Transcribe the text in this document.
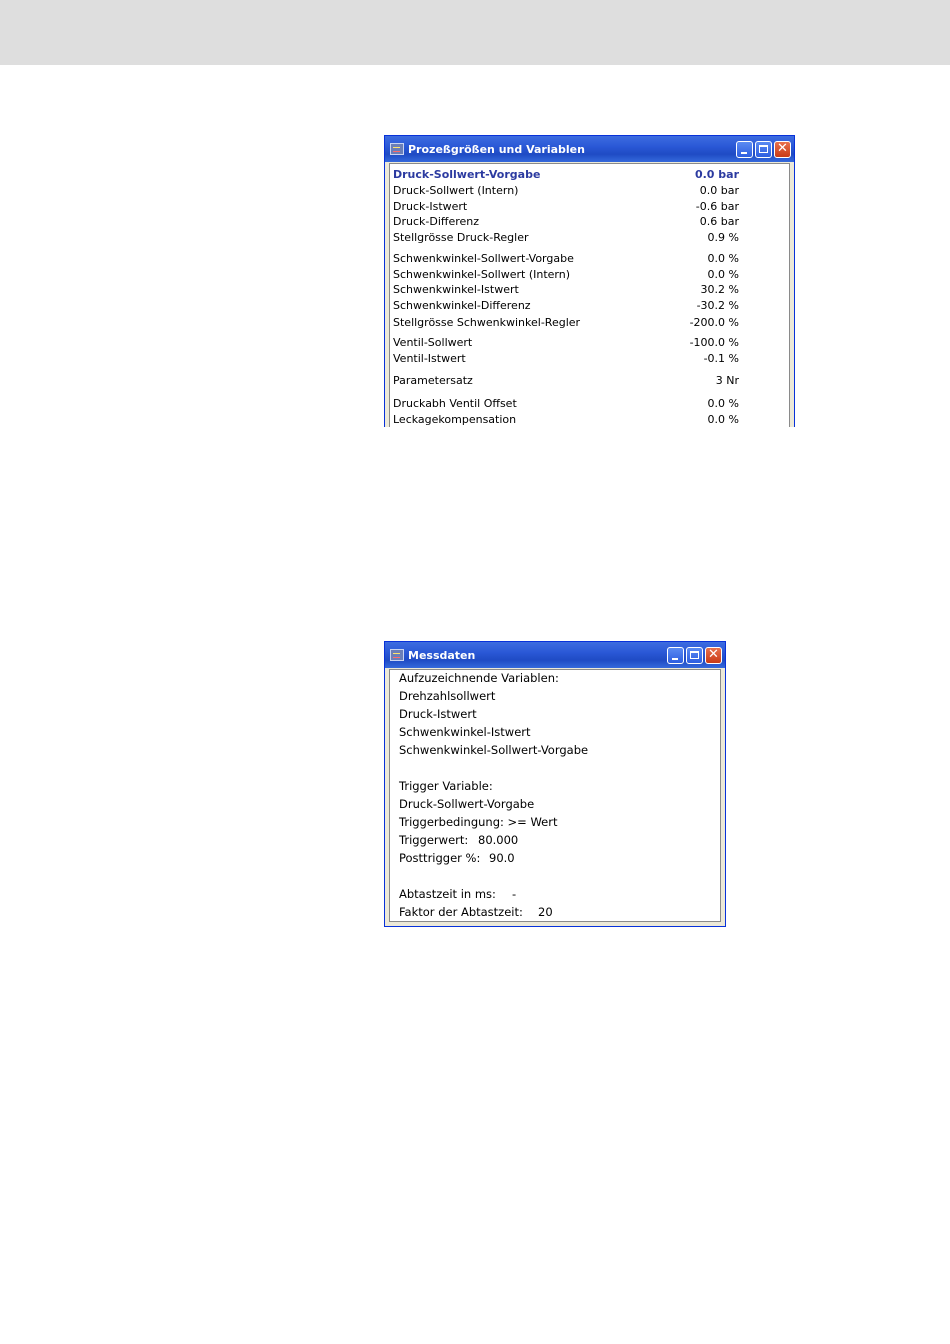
Prozeßgrößen und Variablen	✕
Druck-Sollwert-Vorgabe	0.0 bar
Druck-Sollwert (Intern)	0.0 bar
Druck-Istwert	-0.6 bar
Druck-Differenz	0.6 bar
Stellgrösse Druck-Regler	0.9 %
Schwenkwinkel-Sollwert-Vorgabe	0.0 %
Schwenkwinkel-Sollwert (Intern)	0.0 %
Schwenkwinkel-Istwert	30.2 %
Schwenkwinkel-Differenz	-30.2 %
Stellgrösse Schwenkwinkel-Regler	-200.0 %
Ventil-Sollwert	-100.0 %
Ventil-Istwert	-0.1 %
Parametersatz	3 Nr
Druckabh Ventil Offset	0.0 %
Leckagekompensation	0.0 %
Messdaten	✕
Aufzuzeichnende Variablen:
Drehzahlsollwert
Druck-Istwert
Schwenkwinkel-Istwert
Schwenkwinkel-Sollwert-Vorgabe
Trigger Variable:
Druck-Sollwert-Vorgabe
Triggerbedingung: >= Wert
Triggerwert: 80.000
Posttrigger %: 90.0
Abtastzeit in ms: -
Faktor der Abtastzeit: 20
